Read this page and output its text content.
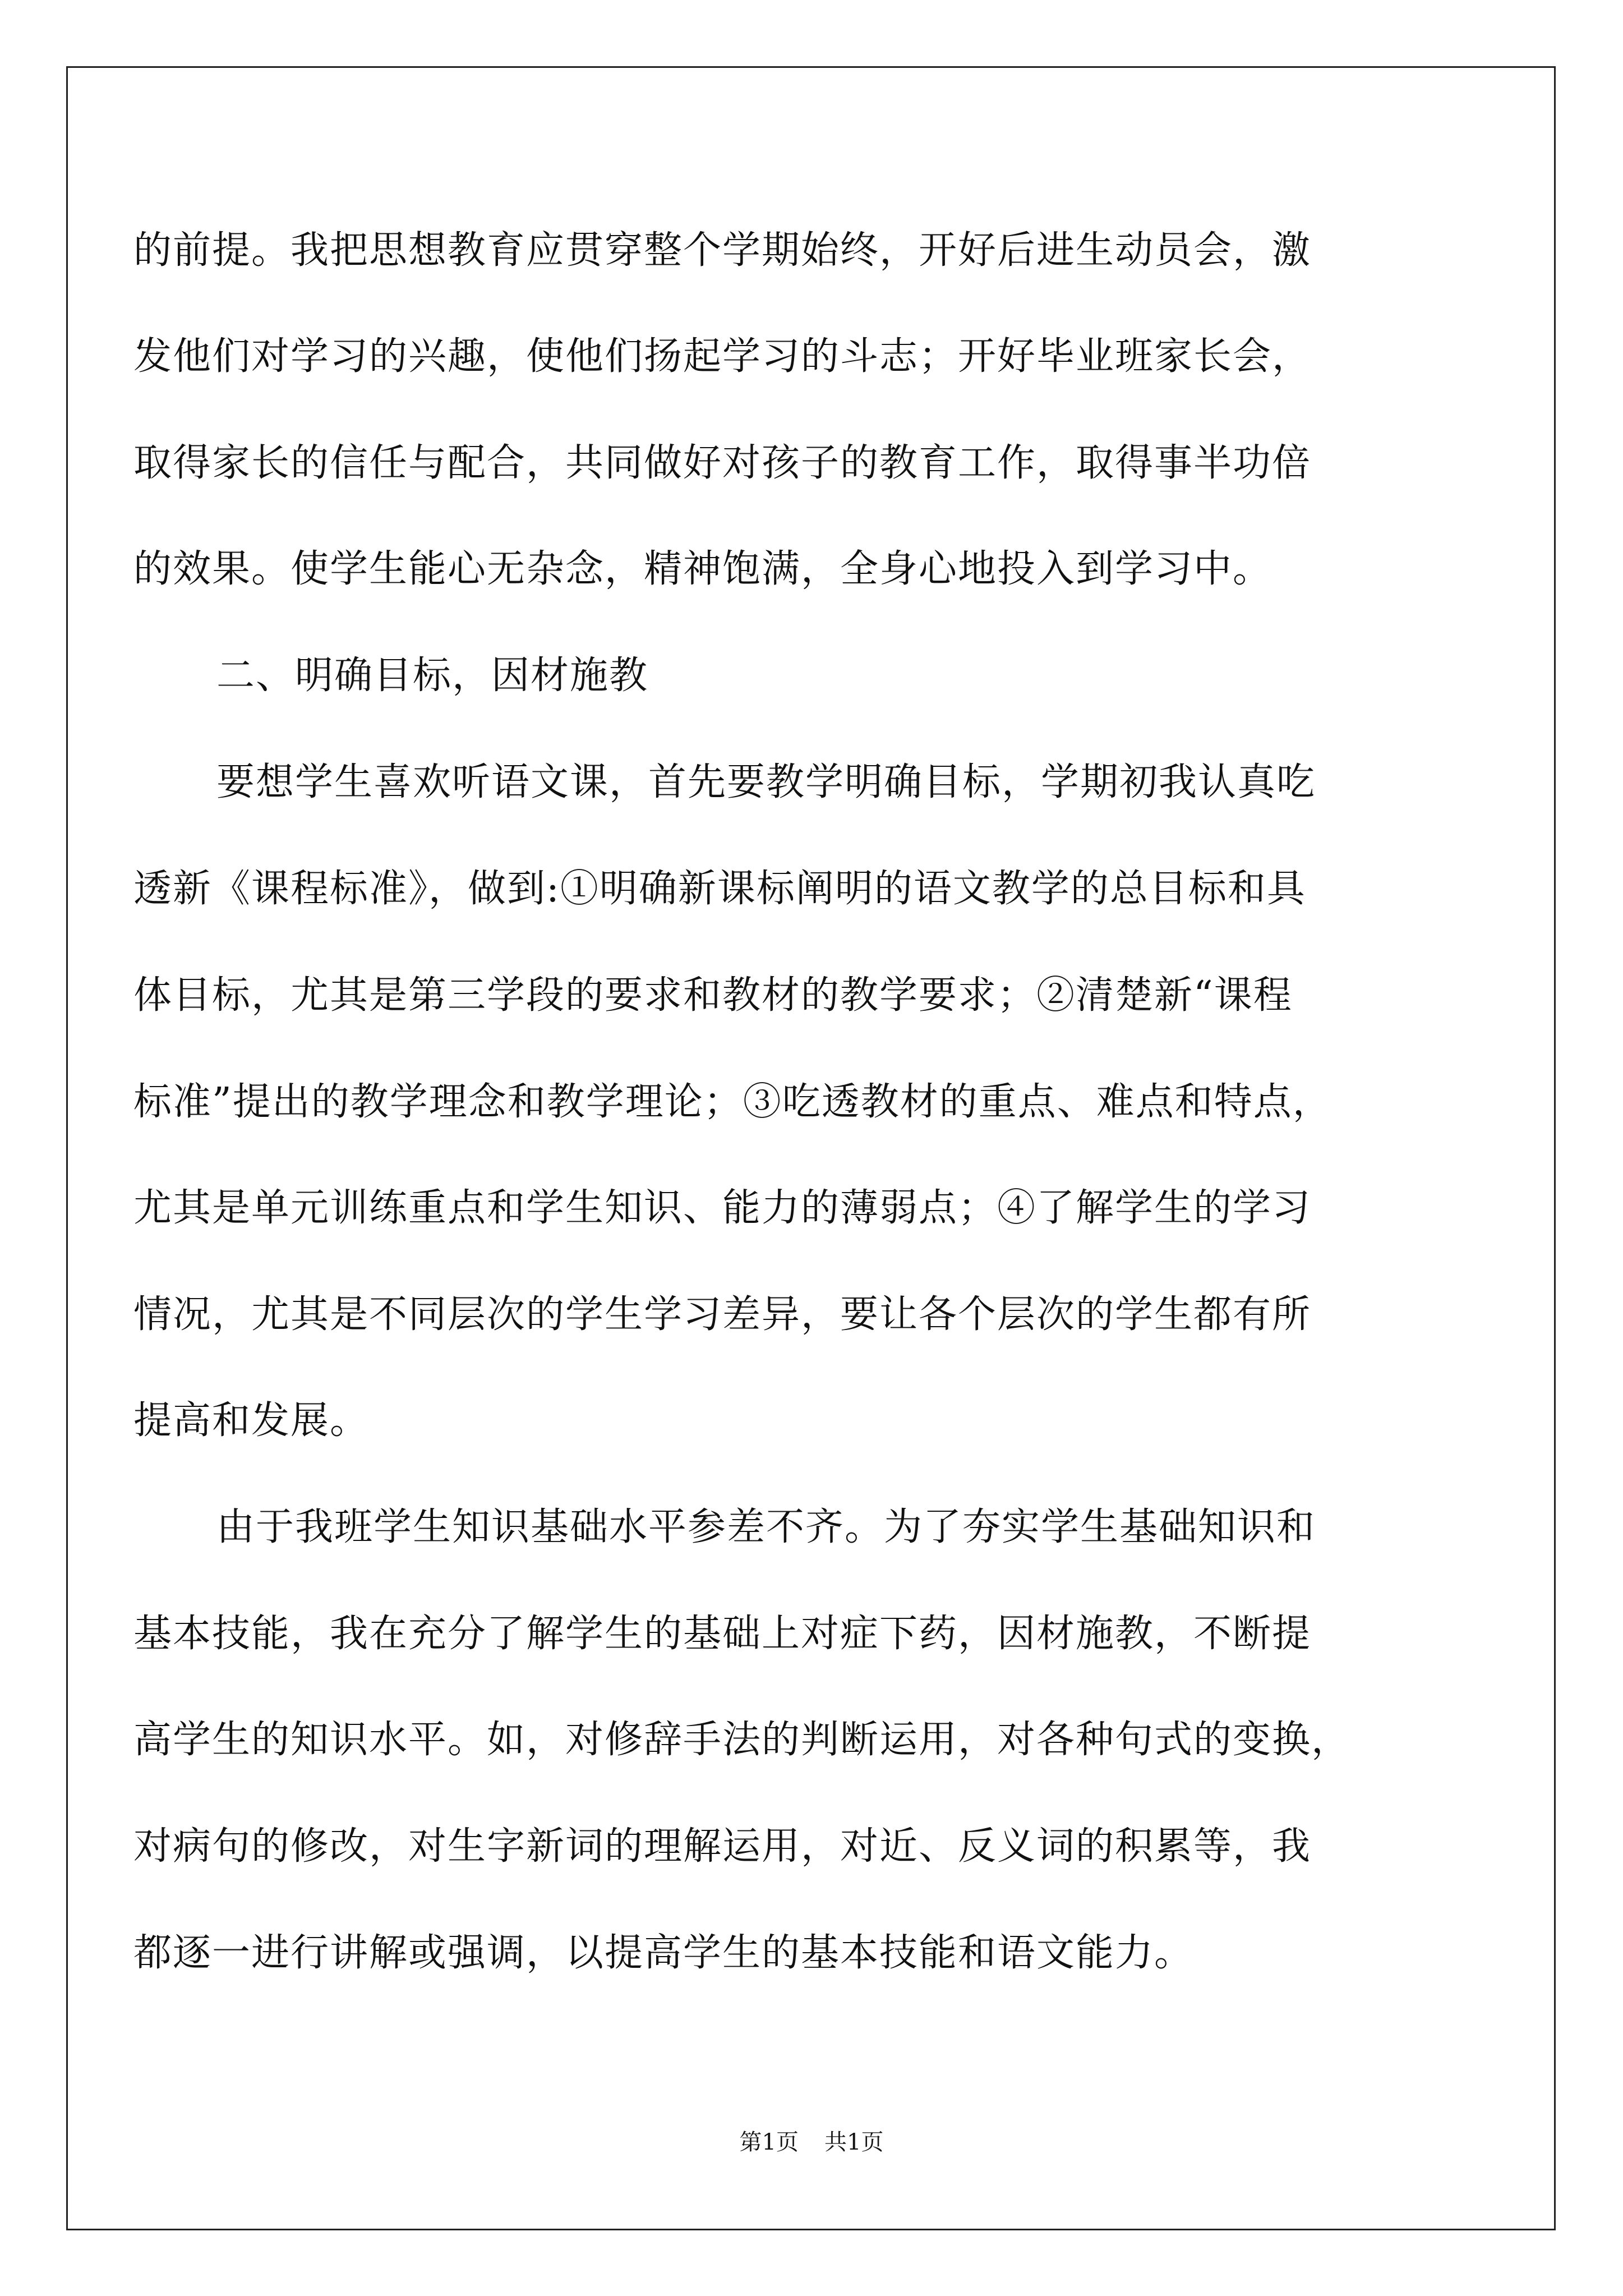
的前提。我把思想教育应贯穿整个学期始终，开好后进生动员会，激
发他们对学习的兴趣，使他们扬起学习的斗志；开好毕业班家长会，
取得家长的信任与配合，共同做好对孩子的教育工作，取得事半功倍
的效果。使学生能心无杂念，精神饱满，全身心地投入到学习中。
二、明确目标，因材施教
要想学生喜欢听语文课，首先要教学明确目标，学期初我认真吃
透新《课程标准》，做到:①明确新课标阐明的语文教学的总目标和具
体目标，尤其是第三学段的要求和教材的教学要求；②清楚新“课程
标准”提出的教学理念和教学理论；③吃透教材的重点、难点和特点，
尤其是单元训练重点和学生知识、能力的薄弱点；④了解学生的学习
情况，尤其是不同层次的学生学习差异，要让各个层次的学生都有所
提高和发展。
由于我班学生知识基础水平参差不齐。为了夯实学生基础知识和
基本技能，我在充分了解学生的基础上对症下药，因材施教，不断提
高学生的知识水平。如，对修辞手法的判断运用，对各种句式的变换，
对病句的修改，对生字新词的理解运用，对近、反义词的积累等，我
都逐一进行讲解或强调，以提高学生的基本技能和语文能力。
第1页 共1页
